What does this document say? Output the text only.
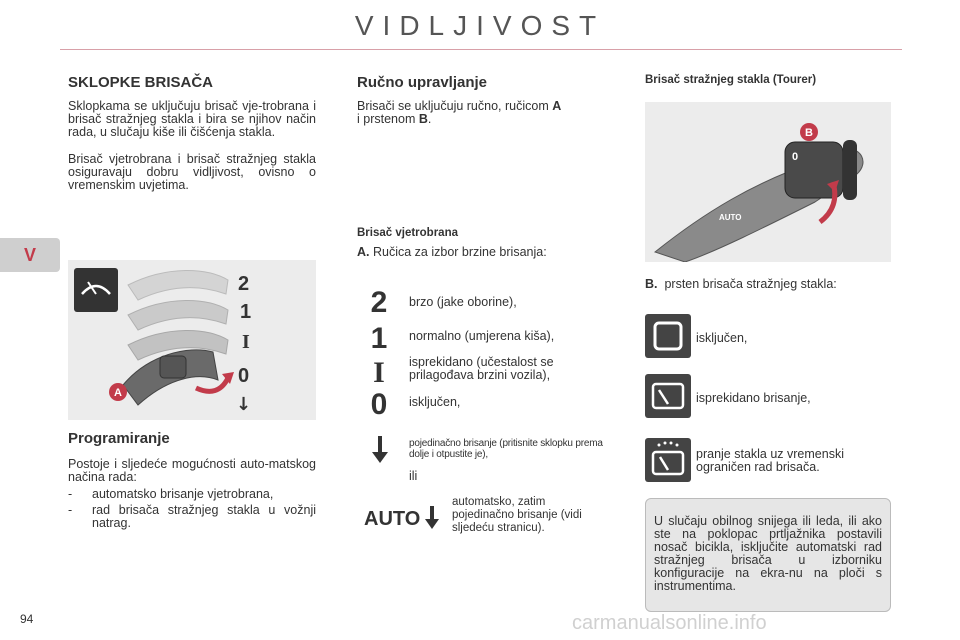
VIDLJIVOST
V
SKLOPKE BRISAČA

Sklopkama se uključuju brisač vje-trobrana i brisač stražnjeg stakla i bira se njihov način rada, u slučaju kiše ili čišćenja stakla.

Brisač vjetrobrana i brisač stražnjeg stakla osiguravaju dobru vidljivost, ovisno o vremenskim uvjetima.

A
2
1
I
0
↓
Programiranje

Postoje i sljedeće mogućnosti auto-matskog načina rada:

-	automatsko brisanje vjetrobrana,
-	rad brisača stražnjeg stakla u vožnji natrag.
Ručno upravljanje

Brisači se uključuju ručno, ručicom A
i prstenom B.

Brisač vjetrobrana

A. Ručica za izbor brzine brisanja:

2	brzo (jake oborine),
1	normalno (umjerena kiša),
I	isprekidano (učestalost se prilagođava brzini vozila),
0	isključen,
pojedinačno brisanje (pritisnite sklopku prema dolje i otpustite je),
ili
AUTO
automatsko, zatim pojedinačno brisanje (vidi sljedeću stranicu).
Brisač stražnjeg stakla (Tourer)
0
B
AUTO

B. prsten brisača stražnjeg stakla:

isključen,
isprekidano brisanje,
pranje stakla uz vremenski ograničen rad brisača.

U slučaju obilnog snijega ili leda, ili ako ste na poklopac prtljažnika postavili nosač bicikla, isključite automatski rad stražnjeg brisača u izborniku konfiguracije na ekra-nu na ploči s instrumentima.

94	carmanualsonline.info
